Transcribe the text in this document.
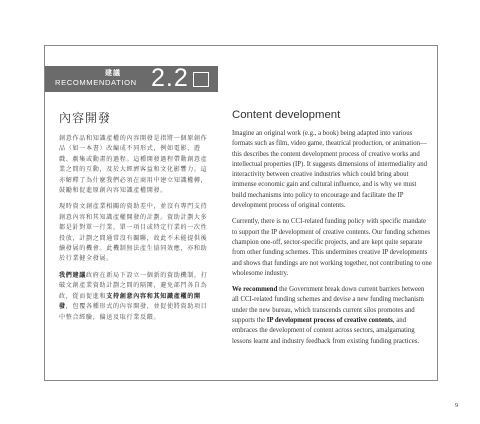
建議
RECOMMENDATION 2.2
內容開發

創意作品和知識產權的內容開發是指將一個原創作品（如一本書）改編成不同形式，例如電影、遊戲、劇集或動畫的過程。這種開發過程帶動創意產業之間的互動，及於大經濟客益和文化影響力。這亦解釋了為什麼我們必須在商用中建立知識權轉，鼓勵和促進原創內容知識產權開發。

現時資文創產業相關的資助差中，並沒有專門支持創意內容和其知識產權開發的計劃。資助計劃大多都是針對單一行業，單一項目或特定行業的一次性投放，計劃之間通常沒有關聯，故此不未能提供後續發展的機會。此機制無法產生協同效應，亦和助於行業健全發展。

我們建議政府在新局下設立一個新的資助機制，打破文創產業資助計劃之間的隔閡，避免部門各自為政，從而促進和支持創意內容和其知識產權的開發，包覆各種形式的內容開發，並促使將資助項目中整合經驗，偏送及取行業反饋。

Content development

Imagine an original work (e.g., a book) being adapted into various formats such as film, video game, theatrical production, or animation—this describes the content development process of creative works and intellectual properties (IP). It suggests dimensions of intermediality and interactivity between creative industries which could bring about immense economic gain and cultural influence, and is why we must build mechanisms into policy to encourage and facilitate the IP development process of original contents.

Currently, there is no CCI-related funding policy with specific mandate to support the IP development of creative contents. Our funding schemes champion one-off, sector-specific projects, and are kept quite separate from other funding schemes. This undermines creative IP developments and shows that fundings are not working together, not contributing to one wholesome industry.

We recommend the Government break down current barriers between all CCI-related funding schemes and devise a new funding mechanism under the new bureau, which transcends current silos promotes and supports the IP development process of creative contents, and embraces the development of content across sectors, amalgamating lessons learnt and industry feedback from existing funding practices.

9
